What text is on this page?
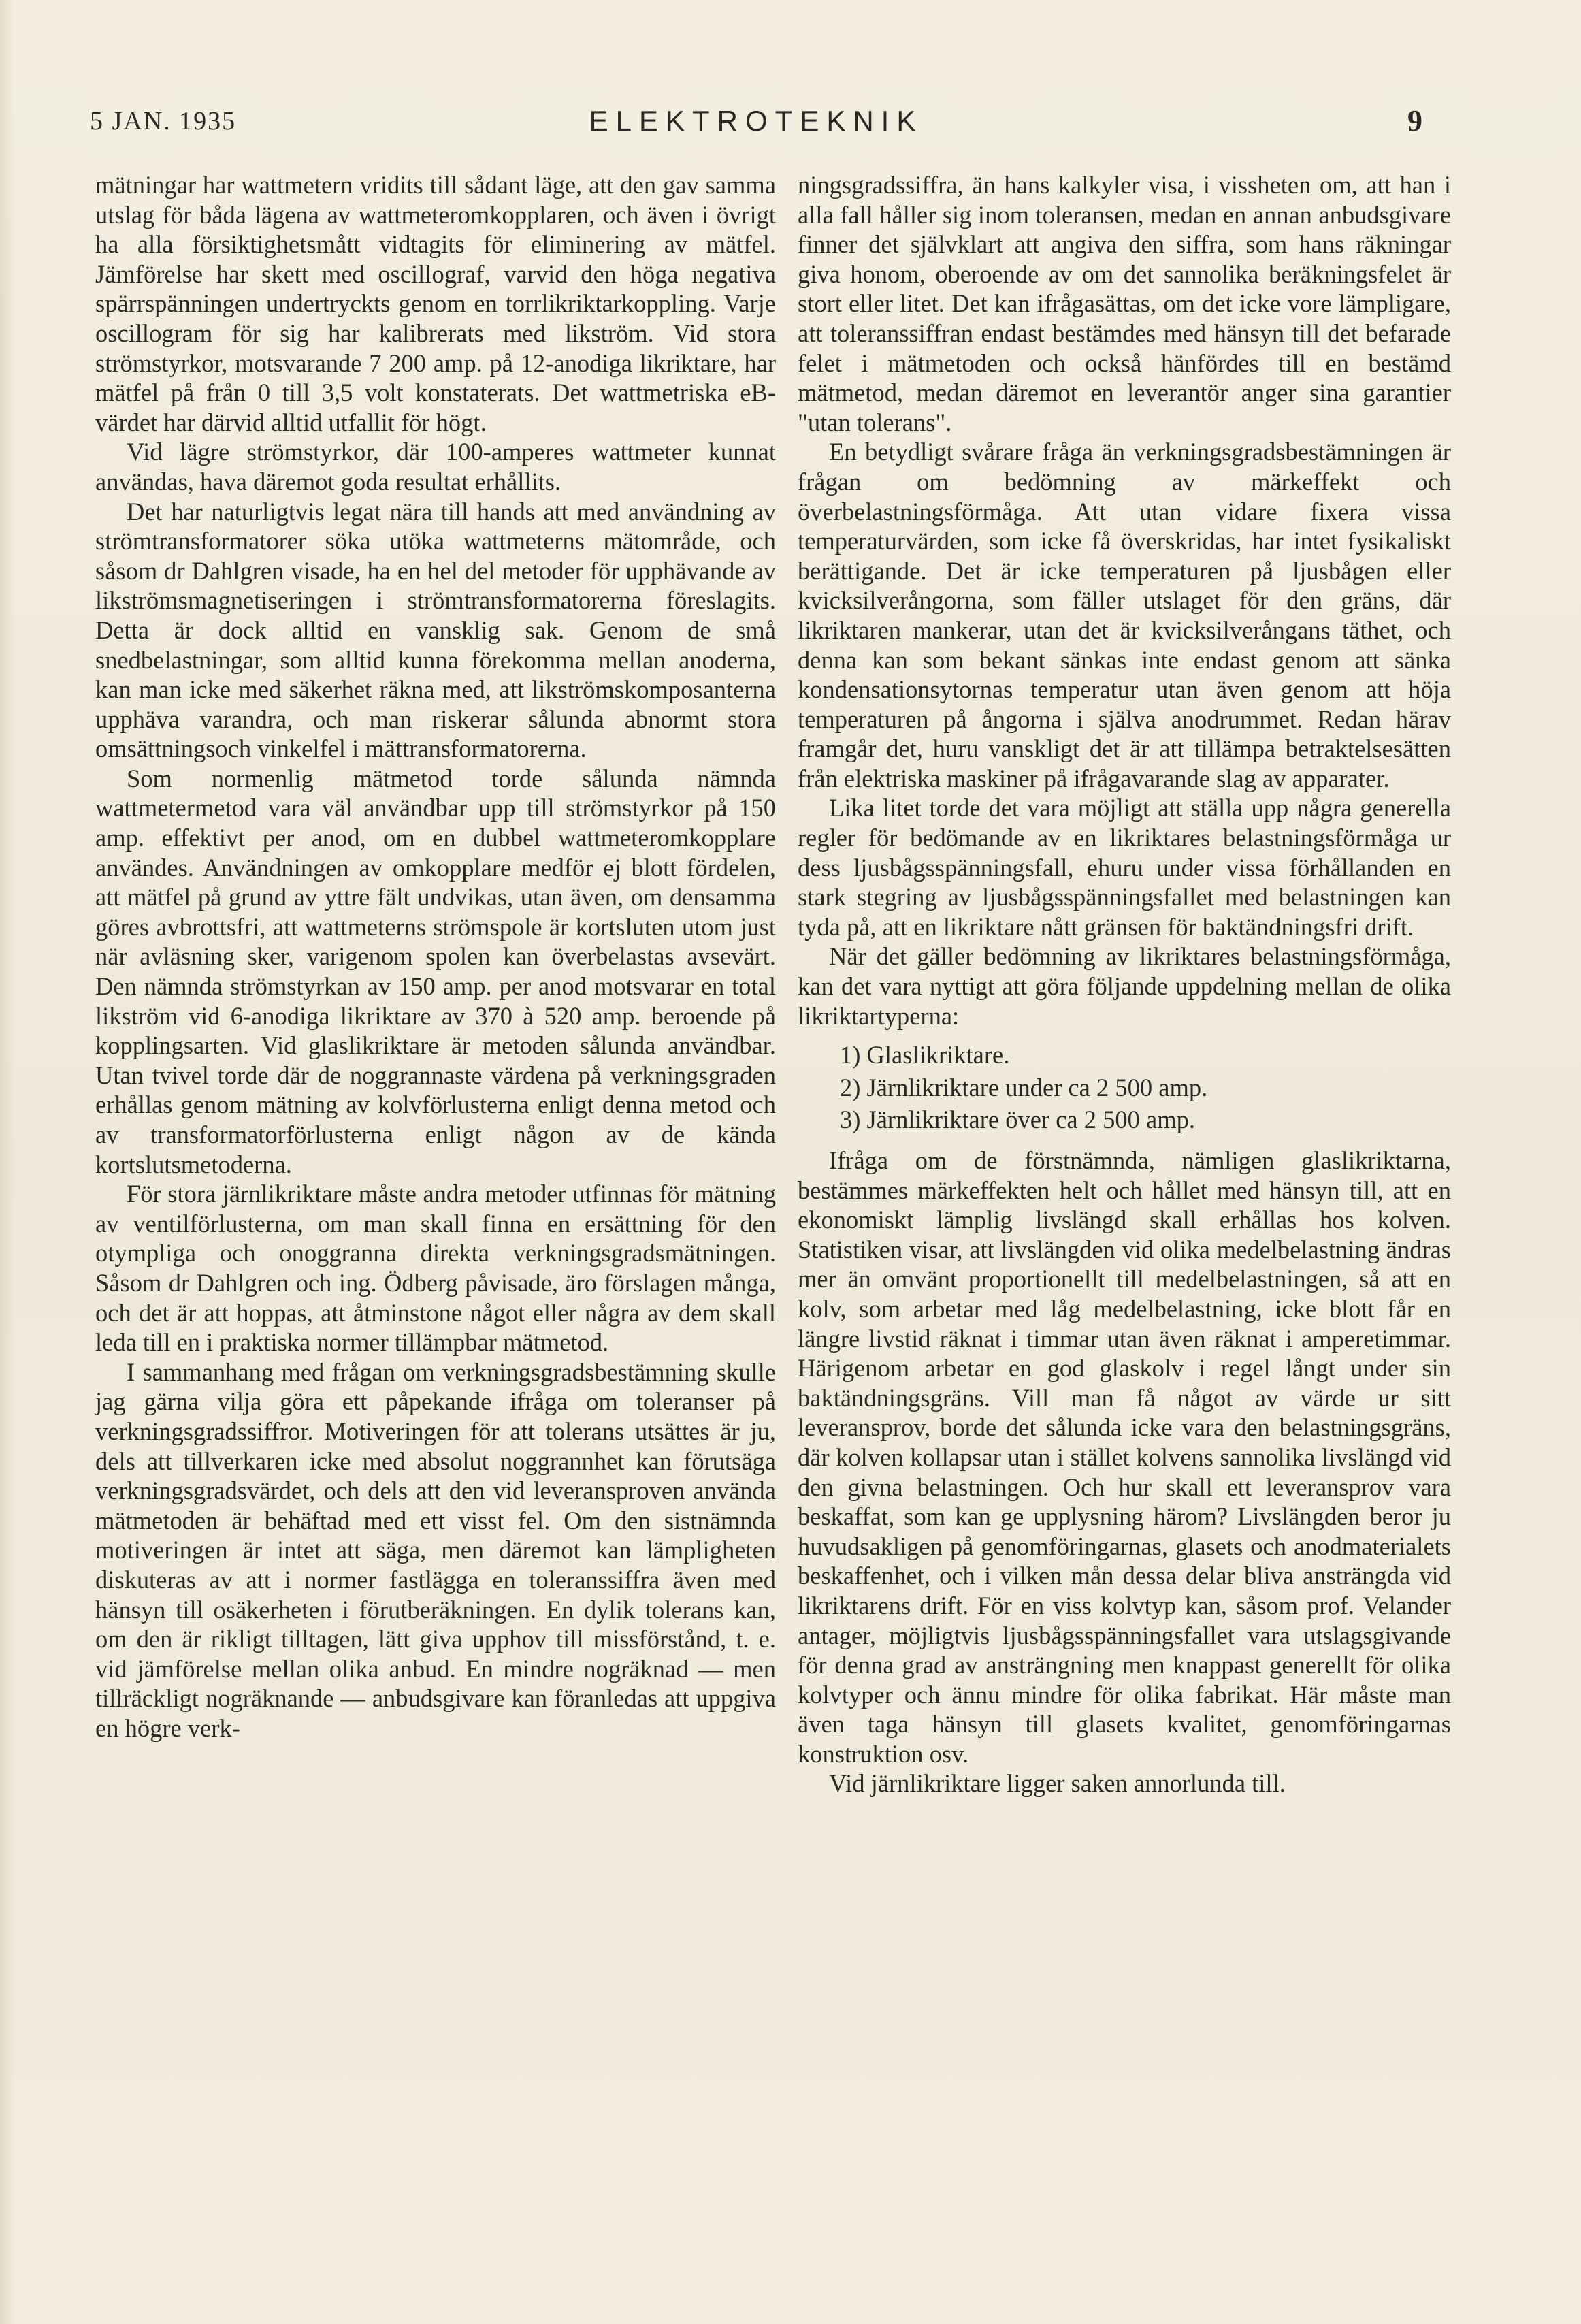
5 JAN. 1935	ELEKTROTEKNIK	9

mätningar har wattmetern vridits till sådant läge, att den gav samma utslag för båda lägena av wattmeteromkopplaren, och även i övrigt ha alla försiktighetsmått vidtagits för eliminering av mätfel. Jämförelse har skett med oscillograf, varvid den höga negativa spärrspänningen undertryckts genom en torrlikriktarkoppling. Varje oscillogram för sig har kalibrerats med likström. Vid stora strömstyrkor, motsvarande 7 200 amp. på 12-anodiga likriktare, har mätfel på från 0 till 3,5 volt konstaterats. Det wattmetriska eB-värdet har därvid alltid utfallit för högt.

Vid lägre strömstyrkor, där 100-amperes wattmeter kunnat användas, hava däremot goda resultat erhållits.

Det har naturligtvis legat nära till hands att med användning av strömtransformatorer söka utöka wattmeterns mätområde, och såsom dr Dahlgren visade, ha en hel del metoder för upphävande av likströmsmagnetiseringen i strömtransformatorerna föreslagits. Detta är dock alltid en vansklig sak. Genom de små snedbelastningar, som alltid kunna förekomma mellan anoderna, kan man icke med säkerhet räkna med, att likströmskomposanterna upphäva varandra, och man riskerar sålunda abnormt stora omsättningsoch vinkelfel i mättransformatorerna.

Som normenlig mätmetod torde sålunda nämnda wattmetermetod vara väl användbar upp till strömstyrkor på 150 amp. effektivt per anod, om en dubbel wattmeteromkopplare användes. Användningen av omkopplare medför ej blott fördelen, att mätfel på grund av yttre fält undvikas, utan även, om densamma göres avbrottsfri, att wattmeterns strömspole är kortsluten utom just när avläsning sker, varigenom spolen kan överbelastas avsevärt. Den nämnda strömstyrkan av 150 amp. per anod motsvarar en total likström vid 6-anodiga likriktare av 370 à 520 amp. beroende på kopplingsarten. Vid glaslikriktare är metoden sålunda användbar. Utan tvivel torde där de noggrannaste värdena på verkningsgraden erhållas genom mätning av kolvförlusterna enligt denna metod och av transformatorförlusterna enligt någon av de kända kortslutsmetoderna.

För stora järnlikriktare måste andra metoder utfinnas för mätning av ventilförlusterna, om man skall finna en ersättning för den otympliga och onoggranna direkta verkningsgradsmätningen. Såsom dr Dahlgren och ing. Ödberg påvisade, äro förslagen många, och det är att hoppas, att åtminstone något eller några av dem skall leda till en i praktiska normer tillämpbar mätmetod.

I sammanhang med frågan om verkningsgradsbestämning skulle jag gärna vilja göra ett påpekande ifråga om toleranser på verkningsgradssiffror. Motiveringen för att tolerans utsättes är ju, dels att tillverkaren icke med absolut noggrannhet kan förutsäga verkningsgradsvärdet, och dels att den vid leveransproven använda mätmetoden är behäftad med ett visst fel. Om den sistnämnda motiveringen är intet att säga, men däremot kan lämpligheten diskuteras av att i normer fastlägga en toleranssiffra även med hänsyn till osäkerheten i förutberäkningen. En dylik tolerans kan, om den är rikligt tilltagen, lätt giva upphov till missförstånd, t. e. vid jämförelse mellan olika anbud. En mindre nogräknad — men tillräckligt nogräknande — anbudsgivare kan föranledas att uppgiva en högre verk-

ningsgradssiffra, än hans kalkyler visa, i vissheten om, att han i alla fall håller sig inom toleransen, medan en annan anbudsgivare finner det självklart att angiva den siffra, som hans räkningar giva honom, oberoende av om det sannolika beräkningsfelet är stort eller litet. Det kan ifrågasättas, om det icke vore lämpligare, att toleranssiffran endast bestämdes med hänsyn till det befarade felet i mätmetoden och också hänfördes till en bestämd mätmetod, medan däremot en leverantör anger sina garantier "utan tolerans".

En betydligt svårare fråga än verkningsgradsbestämningen är frågan om bedömning av märkeffekt och överbelastningsförmåga. Att utan vidare fixera vissa temperaturvärden, som icke få överskridas, har intet fysikaliskt berättigande. Det är icke temperaturen på ljusbågen eller kvicksilverångorna, som fäller utslaget för den gräns, där likriktaren mankerar, utan det är kvicksilverångans täthet, och denna kan som bekant sänkas inte endast genom att sänka kondensationsytornas temperatur utan även genom att höja temperaturen på ångorna i själva anodrummet. Redan härav framgår det, huru vanskligt det är att tillämpa betraktelsesätten från elektriska maskiner på ifrågavarande slag av apparater.

Lika litet torde det vara möjligt att ställa upp några generella regler för bedömande av en likriktares belastningsförmåga ur dess ljusbågsspänningsfall, ehuru under vissa förhållanden en stark stegring av ljusbågsspänningsfallet med belastningen kan tyda på, att en likriktare nått gränsen för baktändningsfri drift.

När det gäller bedömning av likriktares belastningsförmåga, kan det vara nyttigt att göra följande uppdelning mellan de olika likriktartyperna:

1) Glaslikriktare.
2) Järnlikriktare under ca 2 500 amp.
3) Järnlikriktare över ca 2 500 amp.

Ifråga om de förstnämnda, nämligen glaslikriktarna, bestämmes märkeffekten helt och hållet med hänsyn till, att en ekonomiskt lämplig livslängd skall erhållas hos kolven. Statistiken visar, att livslängden vid olika medelbelastning ändras mer än omvänt proportionellt till medelbelastningen, så att en kolv, som arbetar med låg medelbelastning, icke blott får en längre livstid räknat i timmar utan även räknat i amperetimmar. Härigenom arbetar en god glaskolv i regel långt under sin baktändningsgräns. Vill man få något av värde ur sitt leveransprov, borde det sålunda icke vara den belastningsgräns, där kolven kollapsar utan i stället kolvens sannolika livslängd vid den givna belastningen. Och hur skall ett leveransprov vara beskaffat, som kan ge upplysning härom? Livslängden beror ju huvudsakligen på genomföringarnas, glasets och anodmaterialets beskaffenhet, och i vilken mån dessa delar bliva ansträngda vid likriktarens drift. För en viss kolvtyp kan, såsom prof. Velander antager, möjligtvis ljusbågsspänningsfallet vara utslagsgivande för denna grad av ansträngning men knappast generellt för olika kolvtyper och ännu mindre för olika fabrikat. Här måste man även taga hänsyn till glasets kvalitet, genomföringarnas konstruktion osv.

Vid järnlikriktare ligger saken annorlunda till.
